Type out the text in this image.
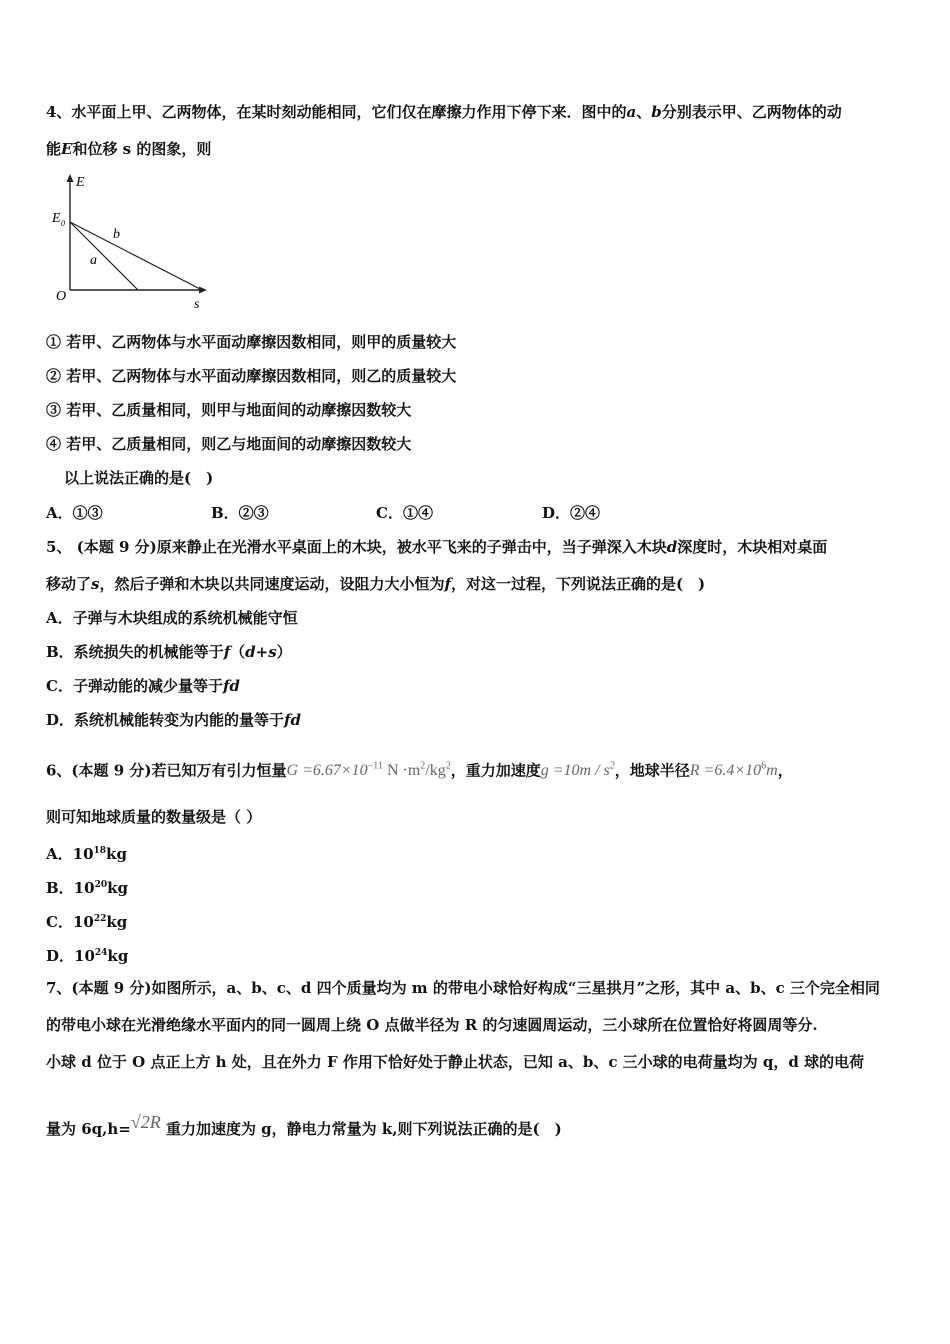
4、水平面上甲、乙两物体，在某时刻动能相同，它们仅在摩擦力作用下停下来．图中的a、b分别表示甲、乙两物体的动
能E和位移 s 的图象，则
E
s
O
E 0
a
b
① 若甲、乙两物体与水平面动摩擦因数相同，则甲的质量较大
② 若甲、乙两物体与水平面动摩擦因数相同，则乙的质量较大
③ 若甲、乙质量相同，则甲与地面间的动摩擦因数较大
④ 若甲、乙质量相同，则乙与地面间的动摩擦因数较大
以上说法正确的是(　)
A．①③	B．②③	C．①④	D．②④
5、 (本题 9 分)原来静止在光滑水平桌面上的木块，被水平飞来的子弹击中，当子弹深入木块d深度时，木块相对桌面
移动了s，然后子弹和木块以共同速度运动，设阻力大小恒为f，对这一过程，下列说法正确的是(　)
A．子弹与木块组成的系统机械能守恒
B．系统损失的机械能等于f（d+s）
C．子弹动能的减少量等于fd
D．系统机械能转变为内能的量等于fd
6、(本题 9 分)若已知万有引力恒量$G =6.67\times 10^{-11}$ $N \cdot m^2/kg^2$，重力加速度$g =10m / s^2$，地球半径$R =6.4\times 10^6m$，
则可知地球质量的数量级是（ ）
A．$10^{18}kg$
B．$10^{20}kg$
C．$10^{22}kg$
D．$10^{24}kg$
7、(本题 9 分)如图所示，a、b、c、d 四个质量均为 m 的带电小球恰好构成“三星拱月”之形，其中 a、b、c 三个完全相同
的带电小球在光滑绝缘水平面内的同一圆周上绕 O 点做半径为 R 的匀速圆周运动，三小球所在位置恰好将圆周等分.
小球 d 位于 O 点正上方 h 处，且在外力 F 作用下恰好处于静止状态，已知 a、b、c 三小球的电荷量均为 q，d 球的电荷
量为 6q,h=√2R 重力加速度为 g，静电力常量为 k,则下列说法正确的是(　)
